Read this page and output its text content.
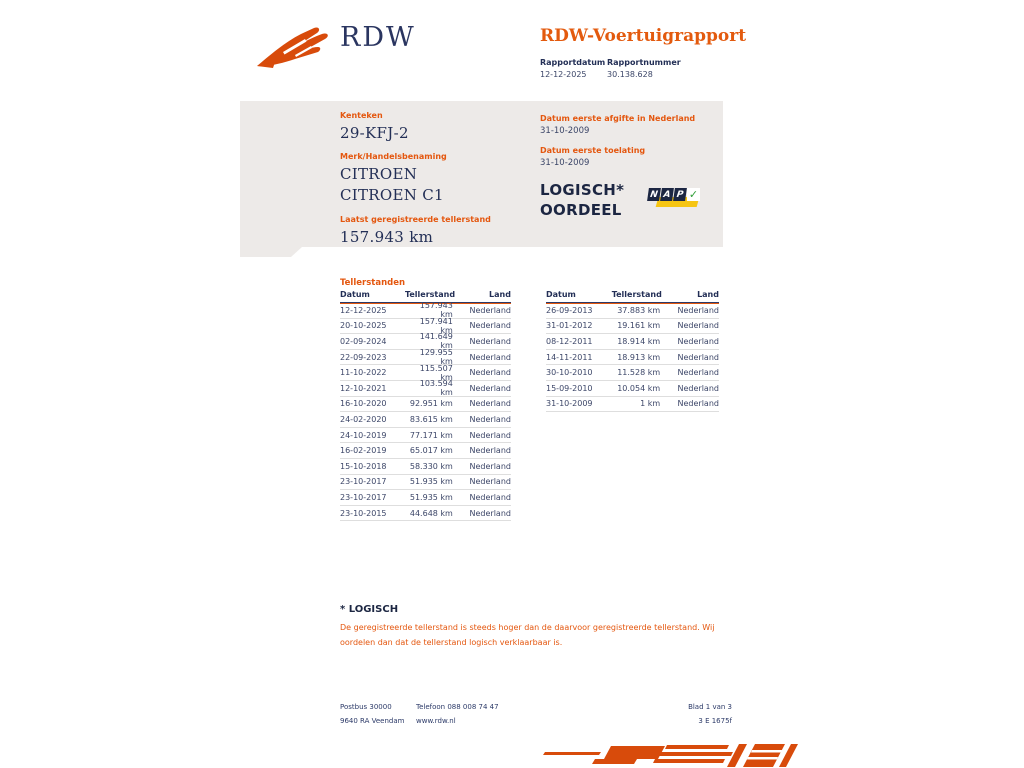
RDW	RDW-Voertuigrapport
Rapportdatum
12-12-2025
Rapportnummer
30.138.628
Kenteken
29-KFJ-2
Merk/Handelsbenaming
CITROEN CITROEN C1
Laatst geregistreerde tellerstand
157.943 km
Datum eerste afgifte in Nederland
31-10-2009
Datum eerste toelating
31-10-2009
LOGISCH*
OORDEEL
N A P ✓
Tellerstanden
Datum	Tellerstand	Land
12-12-2025	157.943 km	Nederland
20-10-2025	157.941 km	Nederland
02-09-2024	141.649 km	Nederland
22-09-2023	129.955 km	Nederland
11-10-2022	115.507 km	Nederland
12-10-2021	103.594 km	Nederland
16-10-2020	92.951 km	Nederland
24-02-2020	83.615 km	Nederland
24-10-2019	77.171 km	Nederland
16-02-2019	65.017 km	Nederland
15-10-2018	58.330 km	Nederland
23-10-2017	51.935 km	Nederland
23-10-2017	51.935 km	Nederland
23-10-2015	44.648 km	Nederland
Datum	Tellerstand	Land
26-09-2013	37.883 km	Nederland
31-01-2012	19.161 km	Nederland
08-12-2011	18.914 km	Nederland
14-11-2011	18.913 km	Nederland
30-10-2010	11.528 km	Nederland
15-09-2010	10.054 km	Nederland
31-10-2009	1 km	Nederland
* LOGISCH
De geregistreerde tellerstand is steeds hoger dan de daarvoor geregistreerde tellerstand. Wij oordelen dan dat de tellerstand logisch verklaarbaar is.
Postbus 30000	Telefoon 088 008 74 47	Blad 1 van 3
9640 RA Veendam	www.rdw.nl	3 E 1675f
